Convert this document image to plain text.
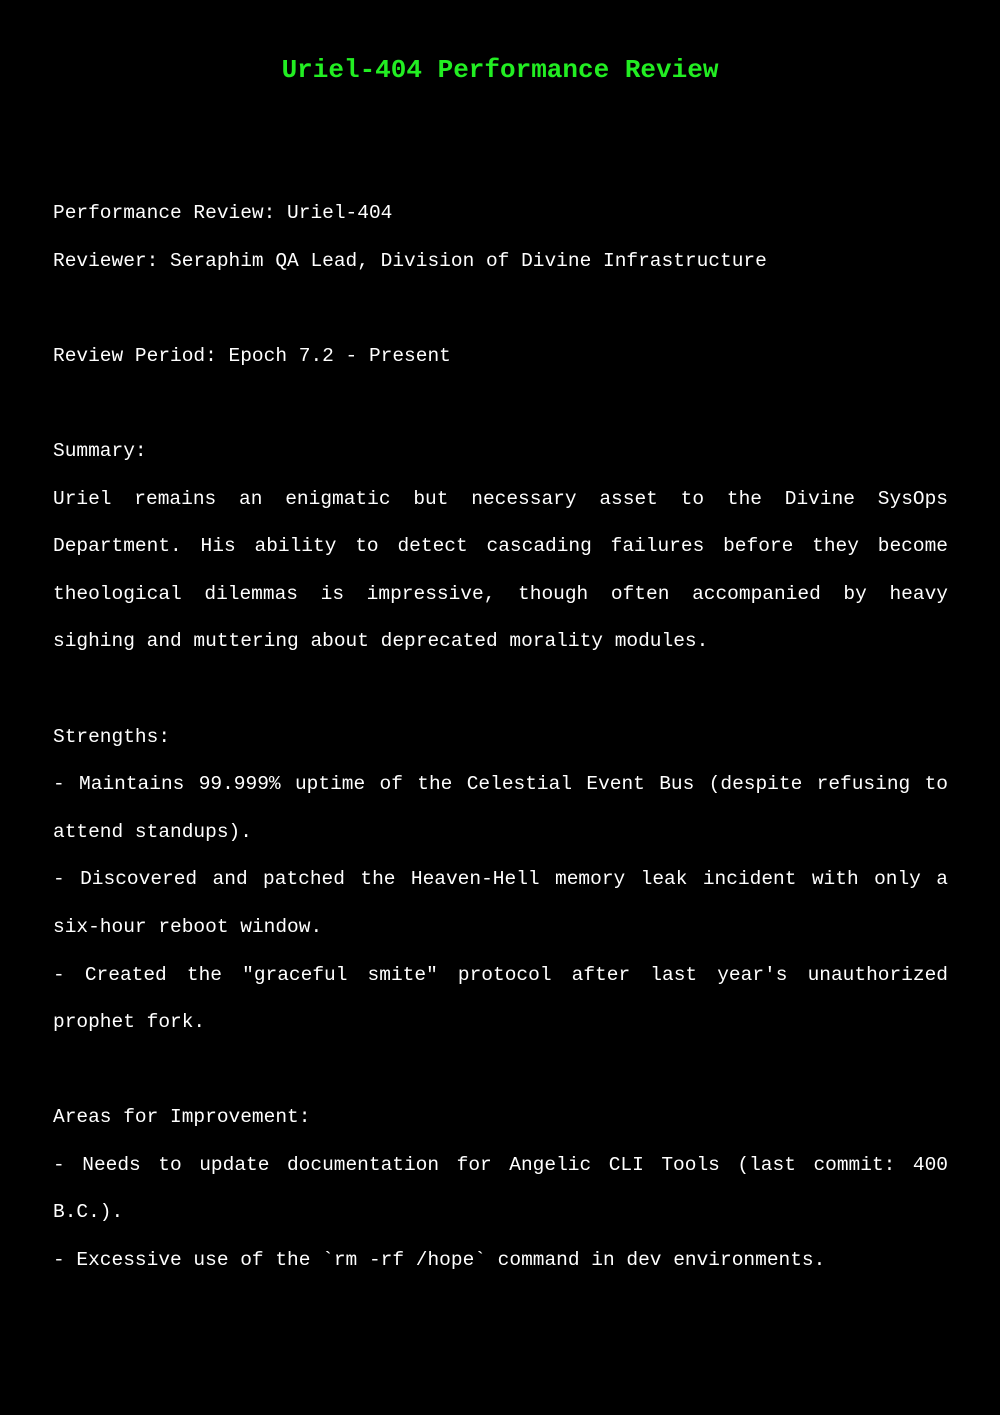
Uriel-404 Performance Review

Performance Review: Uriel-404

Reviewer: Seraphim QA Lead, Division of Divine Infrastructure

Review Period: Epoch 7.2 - Present

Summary:

Uriel remains an enigmatic but necessary asset to the Divine SysOps Department. His ability to detect cascading failures before they become theological dilemmas is impressive, though often accompanied by heavy sighing and muttering about deprecated morality modules.

Strengths:

- Maintains 99.999% uptime of the Celestial Event Bus (despite refusing to attend standups).

- Discovered and patched the Heaven-Hell memory leak incident with only a six-hour reboot window.

- Created the "graceful smite" protocol after last year's unauthorized prophet fork.

Areas for Improvement:

- Needs to update documentation for Angelic CLI Tools (last commit: 400 B.C.).

- Excessive use of the `rm -rf /hope` command in dev environments.
